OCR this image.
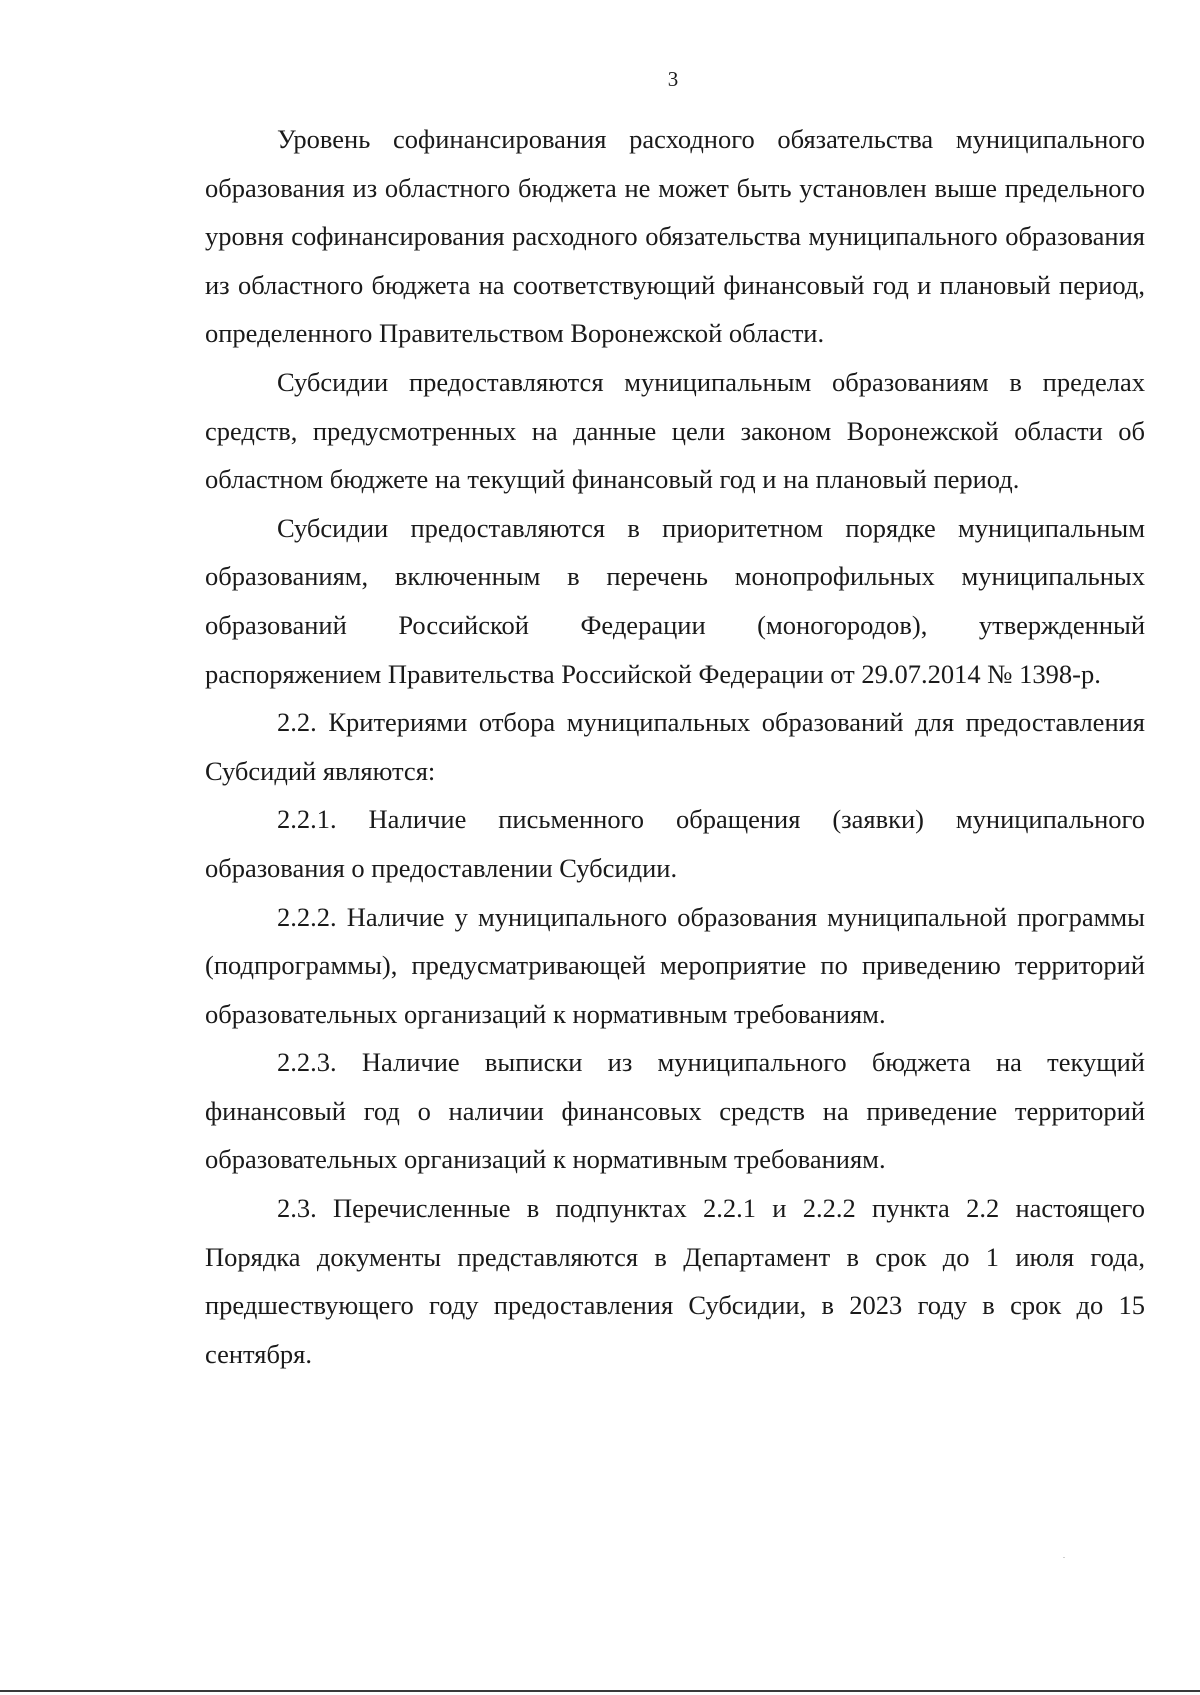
3

Уровень софинансирования расходного обязательства муниципального образования из областного бюджета не может быть установлен выше предельного уровня софинансирования расходного обязательства муниципального образования из областного бюджета на соответствующий финансовый год и плановый период, определенного Правительством Воронежской области.

Субсидии предоставляются муниципальным образованиям в пределах средств, предусмотренных на данные цели законом Воронежской области об областном бюджете на текущий финансовый год и на плановый период.

Субсидии предоставляются в приоритетном порядке муниципальным образованиям, включенным в перечень монопрофильных муниципальных образований Российской Федерации (моногородов), утвержденный распоряжением Правительства Российской Федерации от 29.07.2014 № 1398-р.

2.2. Критериями отбора муниципальных образований для предоставления Субсидий являются:

2.2.1. Наличие письменного обращения (заявки) муниципального образования о предоставлении Субсидии.

2.2.2. Наличие у муниципального образования муниципальной программы (подпрограммы), предусматривающей мероприятие по приведению территорий образовательных организаций к нормативным требованиям.

2.2.3. Наличие выписки из муниципального бюджета на текущий финансовый год о наличии финансовых средств на приведение территорий образовательных организаций к нормативным требованиям.

2.3. Перечисленные в подпунктах 2.2.1 и 2.2.2 пункта 2.2 настоящего Порядка документы представляются в Департамент в срок до 1 июля года, предшествующего году предоставления Субсидии, в 2023 году в срок до 15 сентября.
